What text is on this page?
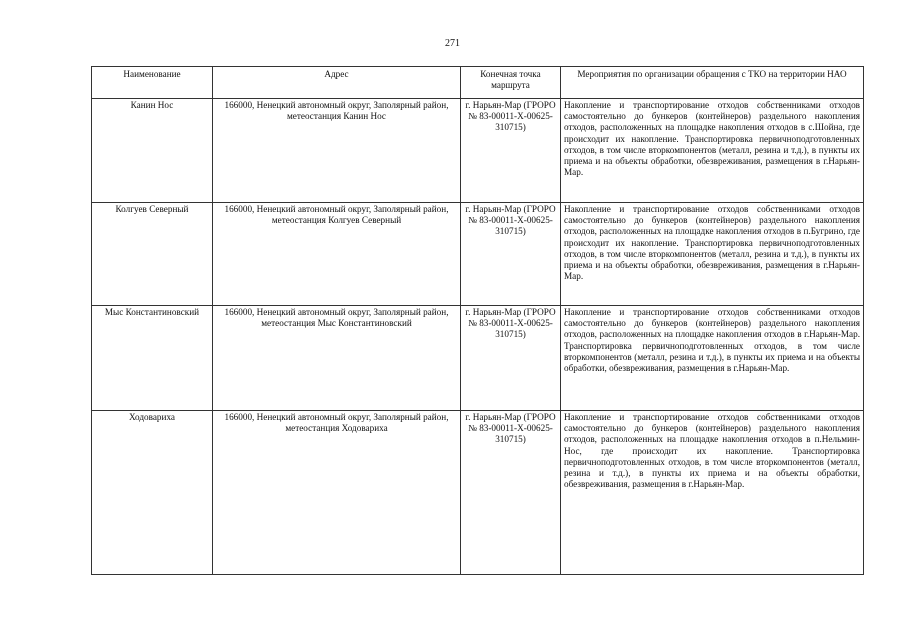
271
Наименование	Адрес	Конечная точка маршрута	Мероприятия по организации обращения с ТКО на территории НАО
Канин Нос	166000, Ненецкий автономный округ, Заполярный район, метеостанция Канин Нос	г. Нарьян-Мар (ГРОРО № 83-00011-Х-00625-310715)	Накопление и транспортирование отходов собственниками отходов самостоятельно до бункеров (контейнеров) раздельного накопления отходов, расположенных на площадке накопления отходов в с.Шойна, где происходит их накопление. Транспортировка первичноподготовленных отходов, в том числе вторкомпонентов (металл, резина и т.д.), в пункты их приема и на объекты обработки, обезвреживания, размещения в г.Нарьян-Мар.
Колгуев Северный	166000, Ненецкий автономный округ, Заполярный район, метеостанция Колгуев Северный	г. Нарьян-Мар (ГРОРО № 83-00011-Х-00625-310715)	Накопление и транспортирование отходов собственниками отходов самостоятельно до бункеров (контейнеров) раздельного накопления отходов, расположенных на площадке накопления отходов в п.Бугрино, где происходит их накопление. Транспортировка первичноподготовленных отходов, в том числе вторкомпонентов (металл, резина и т.д.), в пункты их приема и на объекты обработки, обезвреживания, размещения в г.Нарьян-Мар.
Мыс Константиновский	166000, Ненецкий автономный округ, Заполярный район, метеостанция Мыс Константиновский	г. Нарьян-Мар (ГРОРО № 83-00011-Х-00625-310715)	Накопление и транспортирование отходов собственниками отходов самостоятельно до бункеров (контейнеров) раздельного накопления отходов, расположенных на площадке накопления отходов в г.Нарьян-Мар. Транспортировка первичноподготовленных отходов, в том числе вторкомпонентов (металл, резина и т.д.), в пункты их приема и на объекты обработки, обезвреживания, размещения в г.Нарьян-Мар.
Ходовариха	166000, Ненецкий автономный округ, Заполярный район, метеостанция Ходовариха	г. Нарьян-Мар (ГРОРО № 83-00011-Х-00625-310715)	Накопление и транспортирование отходов собственниками отходов самостоятельно до бункеров (контейнеров) раздельного накопления отходов, расположенных на площадке накопления отходов в п.Нельмин-Нос, где происходит их накопление. Транспортировка первичноподготовленных отходов, в том числе вторкомпонентов (металл, резина и т.д.), в пункты их приема и на объекты обработки, обезвреживания, размещения в г.Нарьян-Мар.
